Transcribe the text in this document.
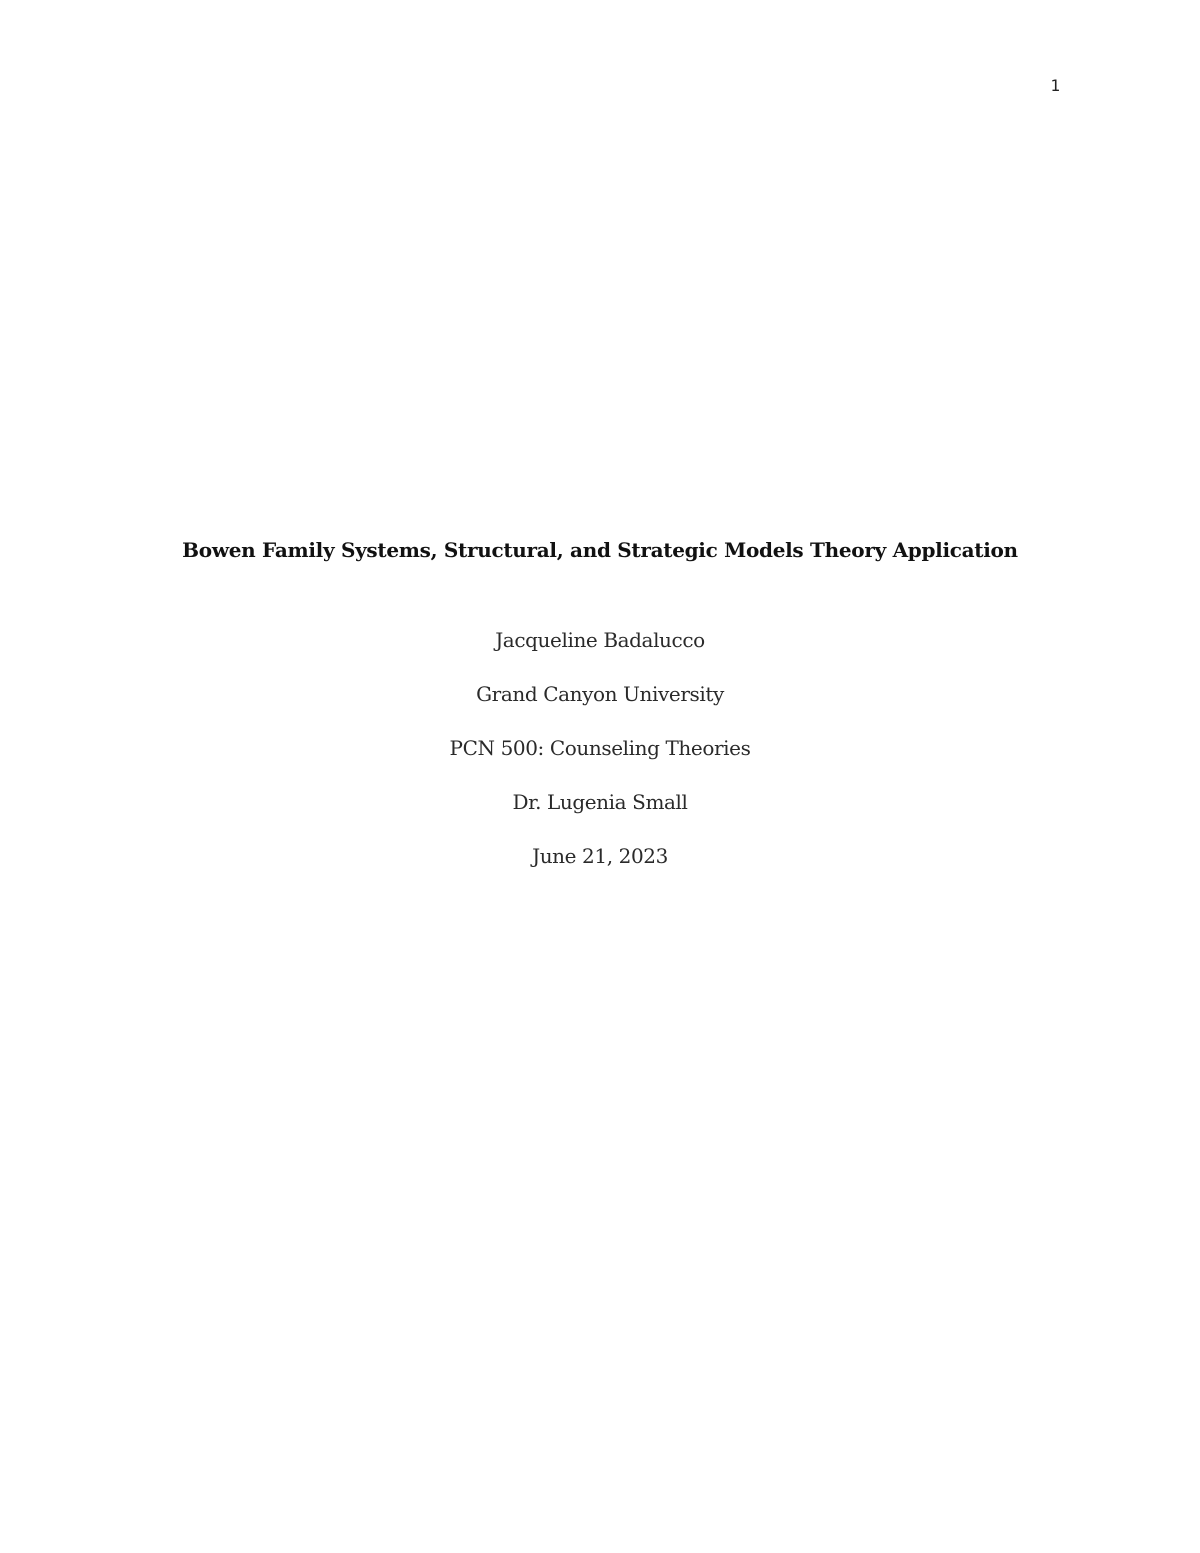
1
Bowen Family Systems, Structural, and Strategic Models Theory Application

Jacqueline Badalucco

Grand Canyon University

PCN 500: Counseling Theories

Dr. Lugenia Small

June 21, 2023
